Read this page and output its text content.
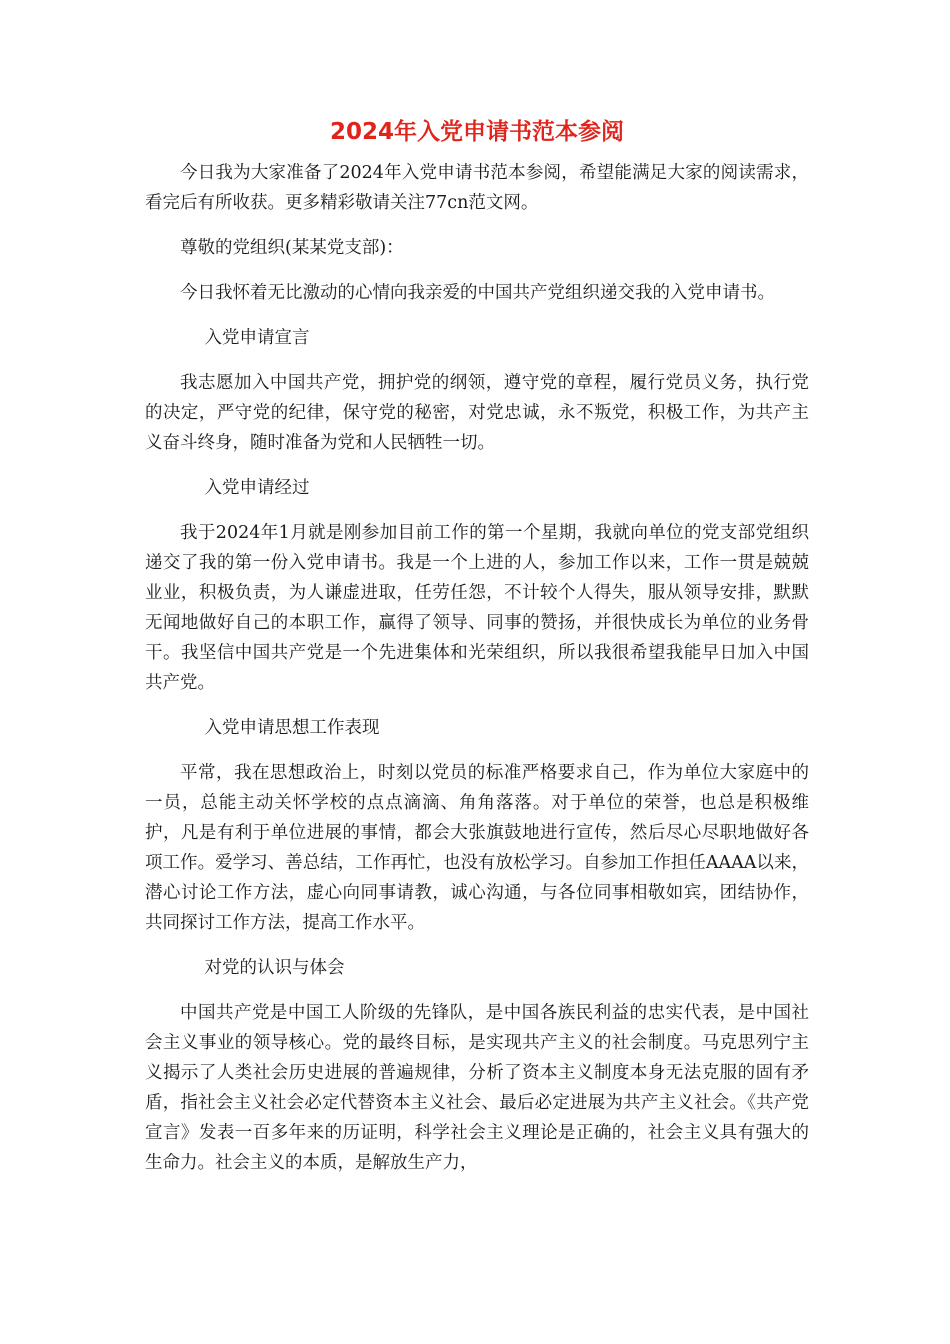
2024年入党申请书范本参阅

今日我为大家准备了2024年入党申请书范本参阅，希望能满足大家的阅读需求，看完后有所收获。更多精彩敬请关注77cn范文网。

尊敬的党组织(某某党支部)：

今日我怀着无比激动的心情向我亲爱的中国共产党组织递交我的入党申请书。

入党申请宣言

我志愿加入中国共产党，拥护党的纲领，遵守党的章程，履行党员义务，执行党的决定，严守党的纪律，保守党的秘密，对党忠诚，永不叛党，积极工作，为共产主义奋斗终身，随时准备为党和人民牺牲一切。

入党申请经过

我于2024年1月就是刚参加目前工作的第一个星期，我就向单位的党支部党组织递交了我的第一份入党申请书。我是一个上进的人，参加工作以来，工作一贯是兢兢业业，积极负责，为人谦虚进取，任劳任怨，不计较个人得失，服从领导安排，默默无闻地做好自己的本职工作，赢得了领导、同事的赞扬，并很快成长为单位的业务骨干。我坚信中国共产党是一个先进集体和光荣组织，所以我很希望我能早日加入中国共产党。

入党申请思想工作表现

平常，我在思想政治上，时刻以党员的标准严格要求自己，作为单位大家庭中的一员，总能主动关怀学校的点点滴滴、角角落落。对于单位的荣誉，也总是积极维护，凡是有利于单位进展的事情，都会大张旗鼓地进行宣传，然后尽心尽职地做好各项工作。爱学习、善总结，工作再忙，也没有放松学习。自参加工作担任AAAA以来，潜心讨论工作方法，虚心向同事请教，诚心沟通，与各位同事相敬如宾，团结协作，共同探讨工作方法，提高工作水平。

对党的认识与体会

中国共产党是中国工人阶级的先锋队，是中国各族民利益的忠实代表，是中国社会主义事业的领导核心。党的最终目标，是实现共产主义的社会制度。马克思列宁主义揭示了人类社会历史进展的普遍规律，分析了资本主义制度本身无法克服的固有矛盾，指社会主义社会必定代替资本主义社会、最后必定进展为共产主义社会。《共产党宣言》发表一百多年来的历证明，科学社会主义理论是正确的，社会主义具有强大的生命力。社会主义的本质，是解放生产力，
